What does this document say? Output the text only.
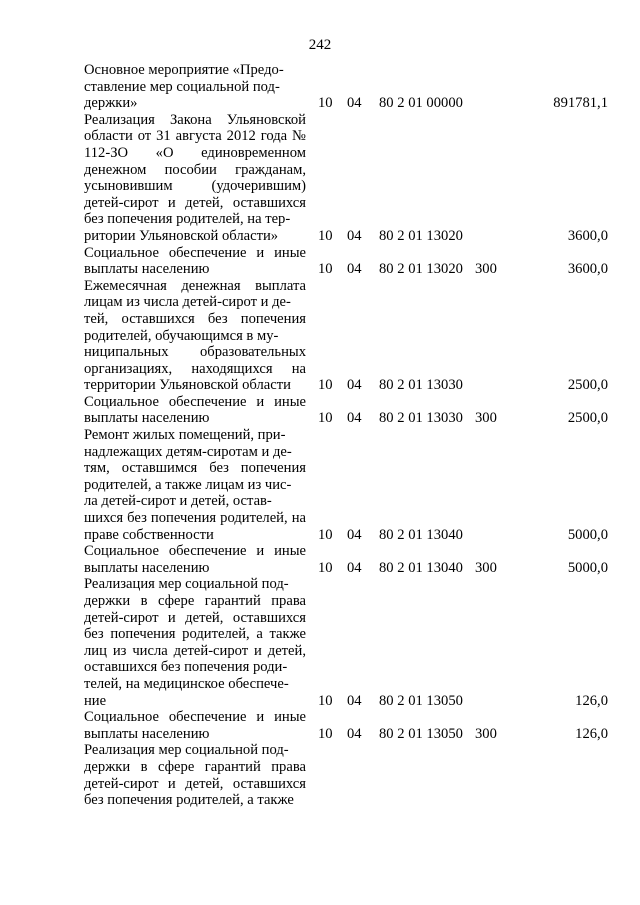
242
Основное мероприятие «Предо-
ставление мер социальной под-
держки»	10 04 80 2 01 00000	891781,1
Реализация Закона Ульяновской области от 31 августа 2012 года № 112-ЗО «О единовременном денежном пособии гражданам, усыновившим (удочерившим) детей-сирот и детей, оставшихся без попечения родителей, на тер-
ритории Ульяновской области»	10 04 80 2 01 13020	3600,0
Социальное обеспечение и иные выплаты населению	10 04 80 2 01 13020 300	3600,0
Ежемесячная денежная выплата лицам из числа детей-сирот и де-
тей, оставшихся без попечения родителей, обучающимся в му-
ниципальных образовательных организациях, находящихся на территории Ульяновской области	10 04 80 2 01 13030	2500,0
Социальное обеспечение и иные выплаты населению	10 04 80 2 01 13030 300	2500,0
Ремонт жилых помещений, при-
надлежащих детям-сиротам и де-
тям, оставшимся без попечения родителей, а также лицам из чис-
ла детей-сирот и детей, остав-
шихся без попечения родителей, на праве собственности	10 04 80 2 01 13040	5000,0
Социальное обеспечение и иные выплаты населению	10 04 80 2 01 13040 300	5000,0
Реализация мер социальной под-
держки в сфере гарантий права детей-сирот и детей, оставшихся без попечения родителей, а также лиц из числа детей-сирот и детей, оставшихся без попечения роди-
телей, на медицинское обеспече-
ние	10 04 80 2 01 13050	126,0
Социальное обеспечение и иные выплаты населению	10 04 80 2 01 13050 300	126,0
Реализация мер социальной под-
держки в сфере гарантий права детей-сирот и детей, оставшихся без попечения родителей, а также
